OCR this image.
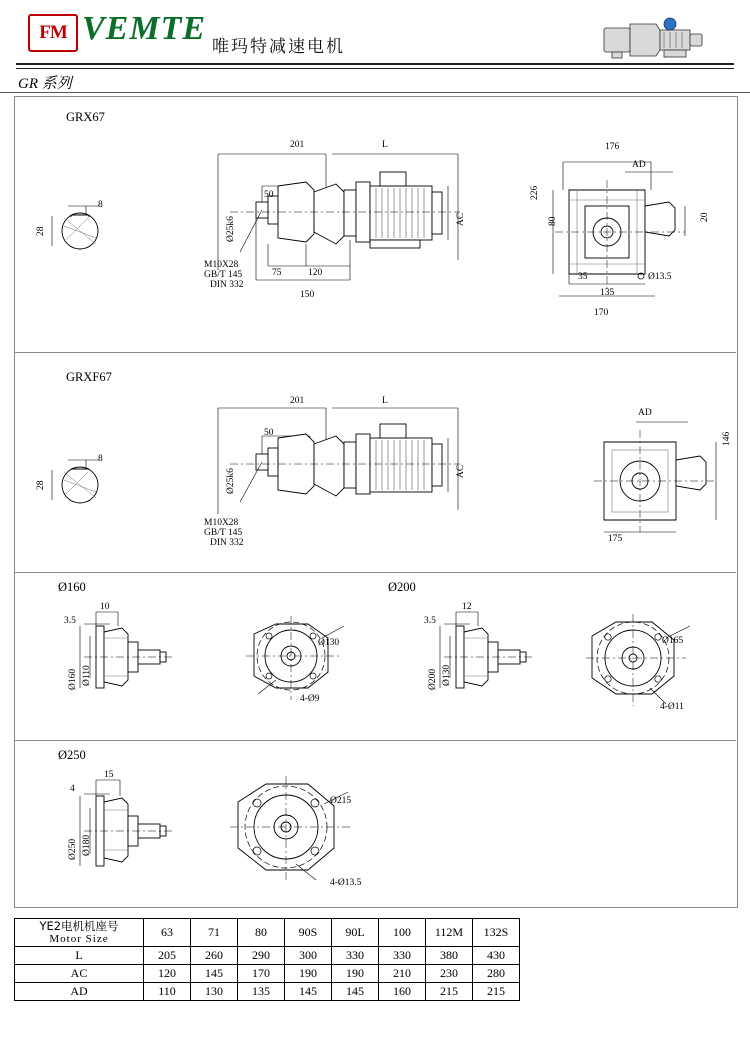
FM VEMTE 唯玛特减速电机
GR 系列
GRX67
8
28
201	L
50
Ø25k6	AC
M10X28
GB/T 145
DIN 332
75	120
150
176
AD
226
80	20
35
135
170
Ø13.5
GRXF67
8
28
201	L
50
Ø25k6	AC
M10X28
GB/T 145
DIN 332
AD
146
175
Ø160
10
3.5
Ø160 Ø110
Ø130
4-Ø9
Ø200
12
3.5
Ø200 Ø130
Ø165
4-Ø11
Ø250
15
4
Ø250 Ø180
Ø215
4-Ø13.5
YE2电机机座号
Motor Size	63	71	80	90S	90L	100	112M	132S
L	205	260	290	300	330	330	380	430
AC	120	145	170	190	190	210	230	280
AD	110	130	135	145	145	160	215	215
